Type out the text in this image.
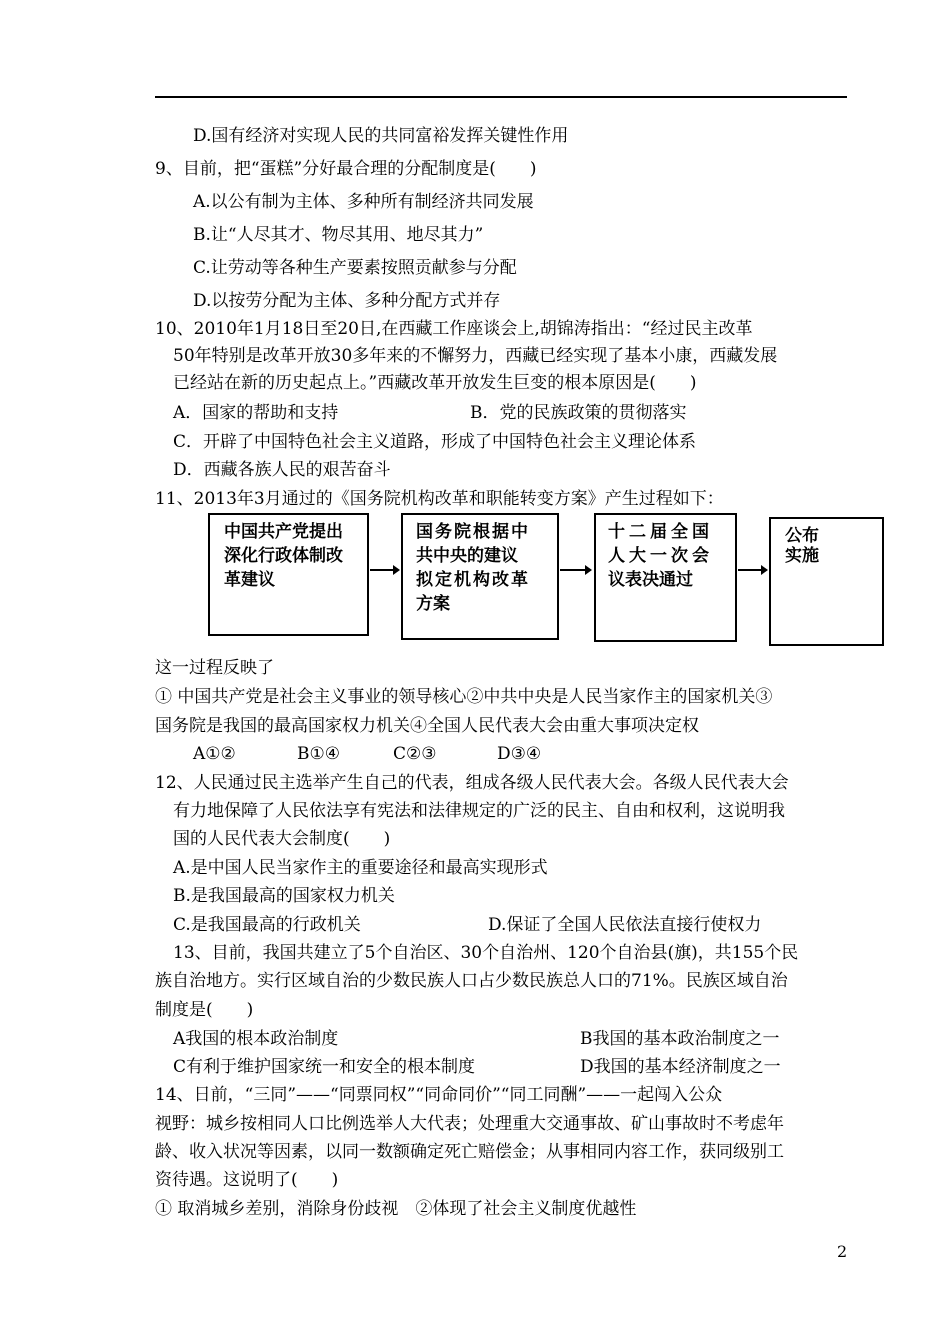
D.国有经济对实现人民的共同富裕发挥关键性作用
9、目前，把“蛋糕”分好最合理的分配制度是(　　)
A.以公有制为主体、多种所有制经济共同发展
B.让“人尽其才、物尽其用、地尽其力”
C.让劳动等各种生产要素按照贡献参与分配
D.以按劳分配为主体、多种分配方式并存
10、2010年1月18日至20日,在西藏工作座谈会上,胡锦涛指出：“经过民主改革
50年特别是改革开放30多年来的不懈努力，西藏已经实现了基本小康，西藏发展
已经站在新的历史起点上。”西藏改革开放发生巨变的根本原因是(　　)
A．国家的帮助和支持	B．党的民族政策的贯彻落实
C．开辟了中国特色社会主义道路，形成了中国特色社会主义理论体系
D．西藏各族人民的艰苦奋斗
11、2013年3月通过的《国务院机构改革和职能转变方案》产生过程如下：
中国共产党提出
深化行政体制改
革建议
国务院根据中
共中央的建议
拟定机构改革
方案
十二届全国
人大一次会
议表决通过
公布
实施
这一过程反映了
① 中国共产党是社会主义事业的领导核心②中共中央是人民当家作主的国家机关③
国务院是我国的最高国家权力机关④全国人民代表大会由重大事项决定权
A①②	B①④	C②③	D③④
12、人民通过民主选举产生自己的代表，组成各级人民代表大会。各级人民代表大会
有力地保障了人民依法享有宪法和法律规定的广泛的民主、自由和权利，这说明我
国的人民代表大会制度(　　)
A.是中国人民当家作主的重要途径和最高实现形式
B.是我国最高的国家权力机关
C.是我国最高的行政机关	D.保证了全国人民依法直接行使权力
13、目前，我国共建立了5个自治区、30个自治州、120个自治县(旗)，共155个民
族自治地方。实行区域自治的少数民族人口占少数民族总人口的71%。民族区域自治
制度是(　　)
A我国的根本政治制度	B我国的基本政治制度之一
C有利于维护国家统一和安全的根本制度	D我国的基本经济制度之一
14、日前，“三同”——“同票同权”“同命同价”“同工同酬”——一起闯入公众
视野：城乡按相同人口比例选举人大代表；处理重大交通事故、矿山事故时不考虑年
龄、收入状况等因素，以同一数额确定死亡赔偿金；从事相同内容工作，获同级别工
资待遇。这说明了(　　)
① 取消城乡差别，消除身份歧视　②体现了社会主义制度优越性
2
